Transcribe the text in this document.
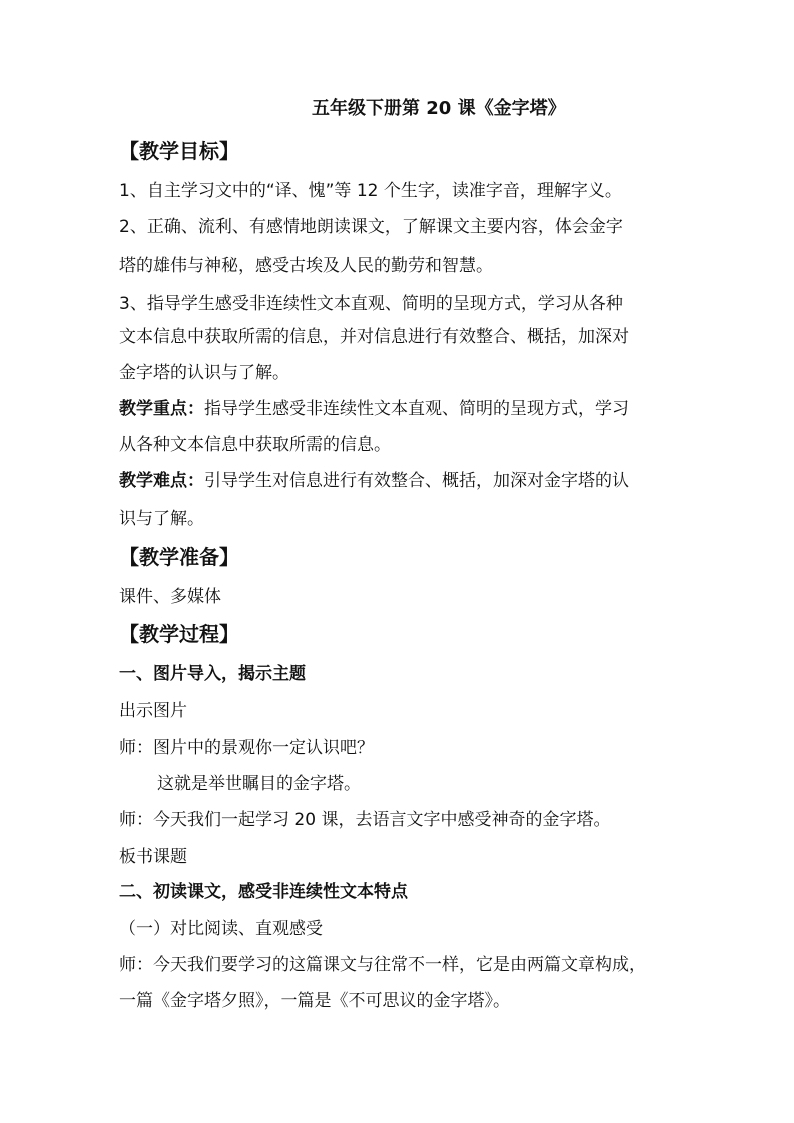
五年级下册第 20 课《金字塔》
【教学目标】
1、自主学习文中的“译、愧”等 12 个生字，读准字音，理解字义。
2、正确、流利、有感情地朗读课文，了解课文主要内容，体会金字
塔的雄伟与神秘，感受古埃及人民的勤劳和智慧。
3、指导学生感受非连续性文本直观、简明的呈现方式，学习从各种
文本信息中获取所需的信息，并对信息进行有效整合、概括，加深对
金字塔的认识与了解。
教学重点：指导学生感受非连续性文本直观、简明的呈现方式，学习
从各种文本信息中获取所需的信息。
教学难点：引导学生对信息进行有效整合、概括，加深对金字塔的认
识与了解。
【教学准备】
课件、多媒体
【教学过程】
一、图片导入，揭示主题
出示图片
师：图片中的景观你一定认识吧？
这就是举世瞩目的金字塔。
师：今天我们一起学习 20 课，去语言文字中感受神奇的金字塔。
板书课题
二、初读课文，感受非连续性文本特点
（一）对比阅读、直观感受
师：今天我们要学习的这篇课文与往常不一样，它是由两篇文章构成，
一篇《金字塔夕照》，一篇是《不可思议的金字塔》。
